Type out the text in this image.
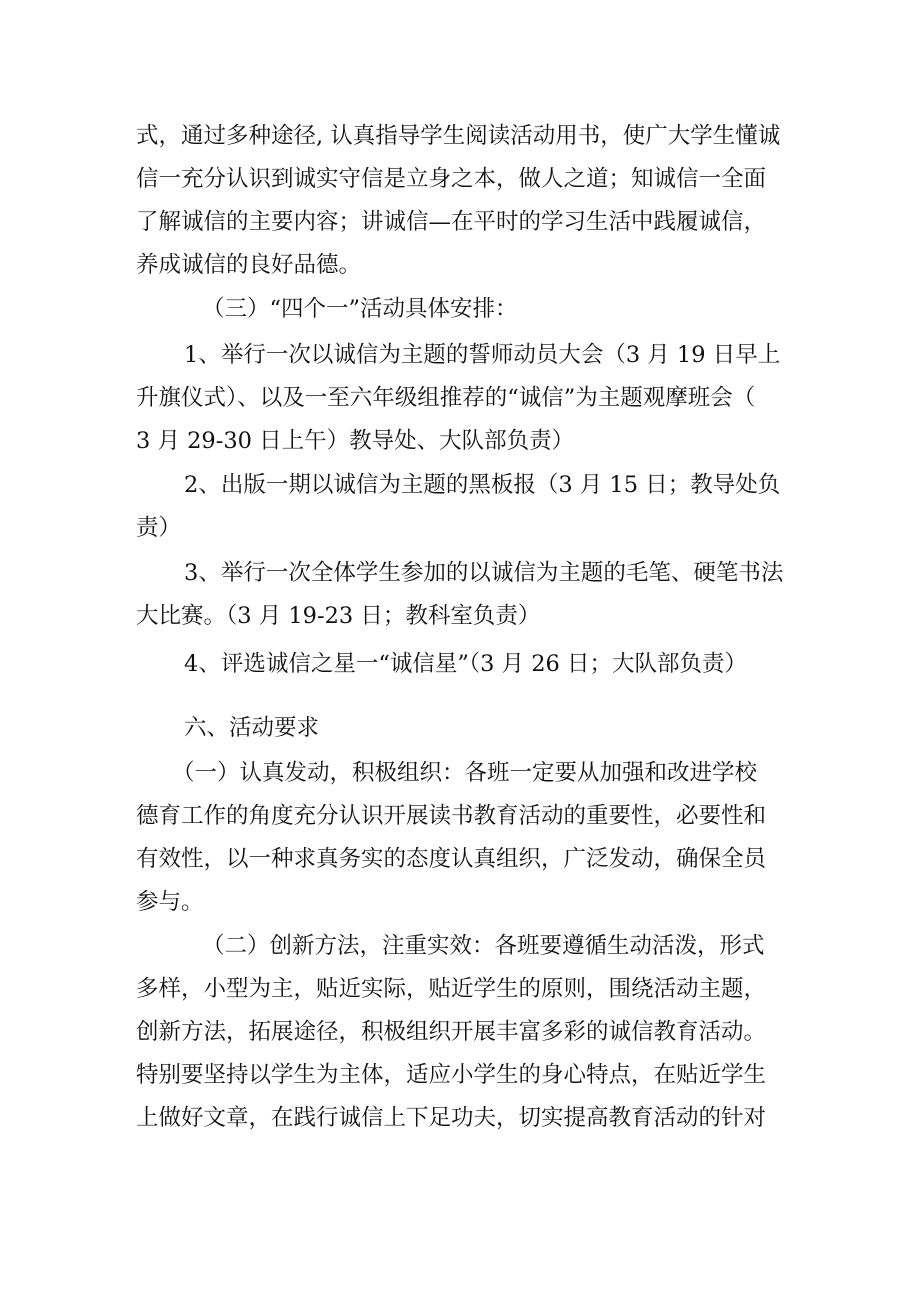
式，通过多种途径, 认真指导学生阅读活动用书，使广大学生懂诚
信一充分认识到诚实守信是立身之本，做人之道；知诚信一全面
了解诚信的主要内容；讲诚信—在平时的学习生活中践履诚信，
养成诚信的良好品德。
（三）“四个一”活动具体安排：
1、举行一次以诚信为主题的誓师动员大会（3 月 19 日早上
升旗仪式）、以及一至六年级组推荐的“诚信”为主题观摩班会（
3 月 29-30 日上午）教导处、大队部负责）
2、出版一期以诚信为主题的黑板报（3 月 15 日；教导处负
责）
3、举行一次全体学生参加的以诚信为主题的毛笔、硬笔书法
大比赛。（3 月 19-23 日；教科室负责）
4、评选诚信之星一“诚信星”（3 月 26 日；大队部负责）
六、活动要求
（一）认真发动，积极组织：各班一定要从加强和改进学校
德育工作的角度充分认识开展读书教育活动的重要性，必要性和
有效性，以一种求真务实的态度认真组织，广泛发动，确保全员
参与。
（二）创新方法，注重实效：各班要遵循生动活泼，形式
多样，小型为主，贴近实际，贴近学生的原则，围绕活动主题，
创新方法，拓展途径，积极组织开展丰富多彩的诚信教育活动。
特别要坚持以学生为主体，适应小学生的身心特点，在贴近学生
上做好文章，在践行诚信上下足功夫，切实提高教育活动的针对
